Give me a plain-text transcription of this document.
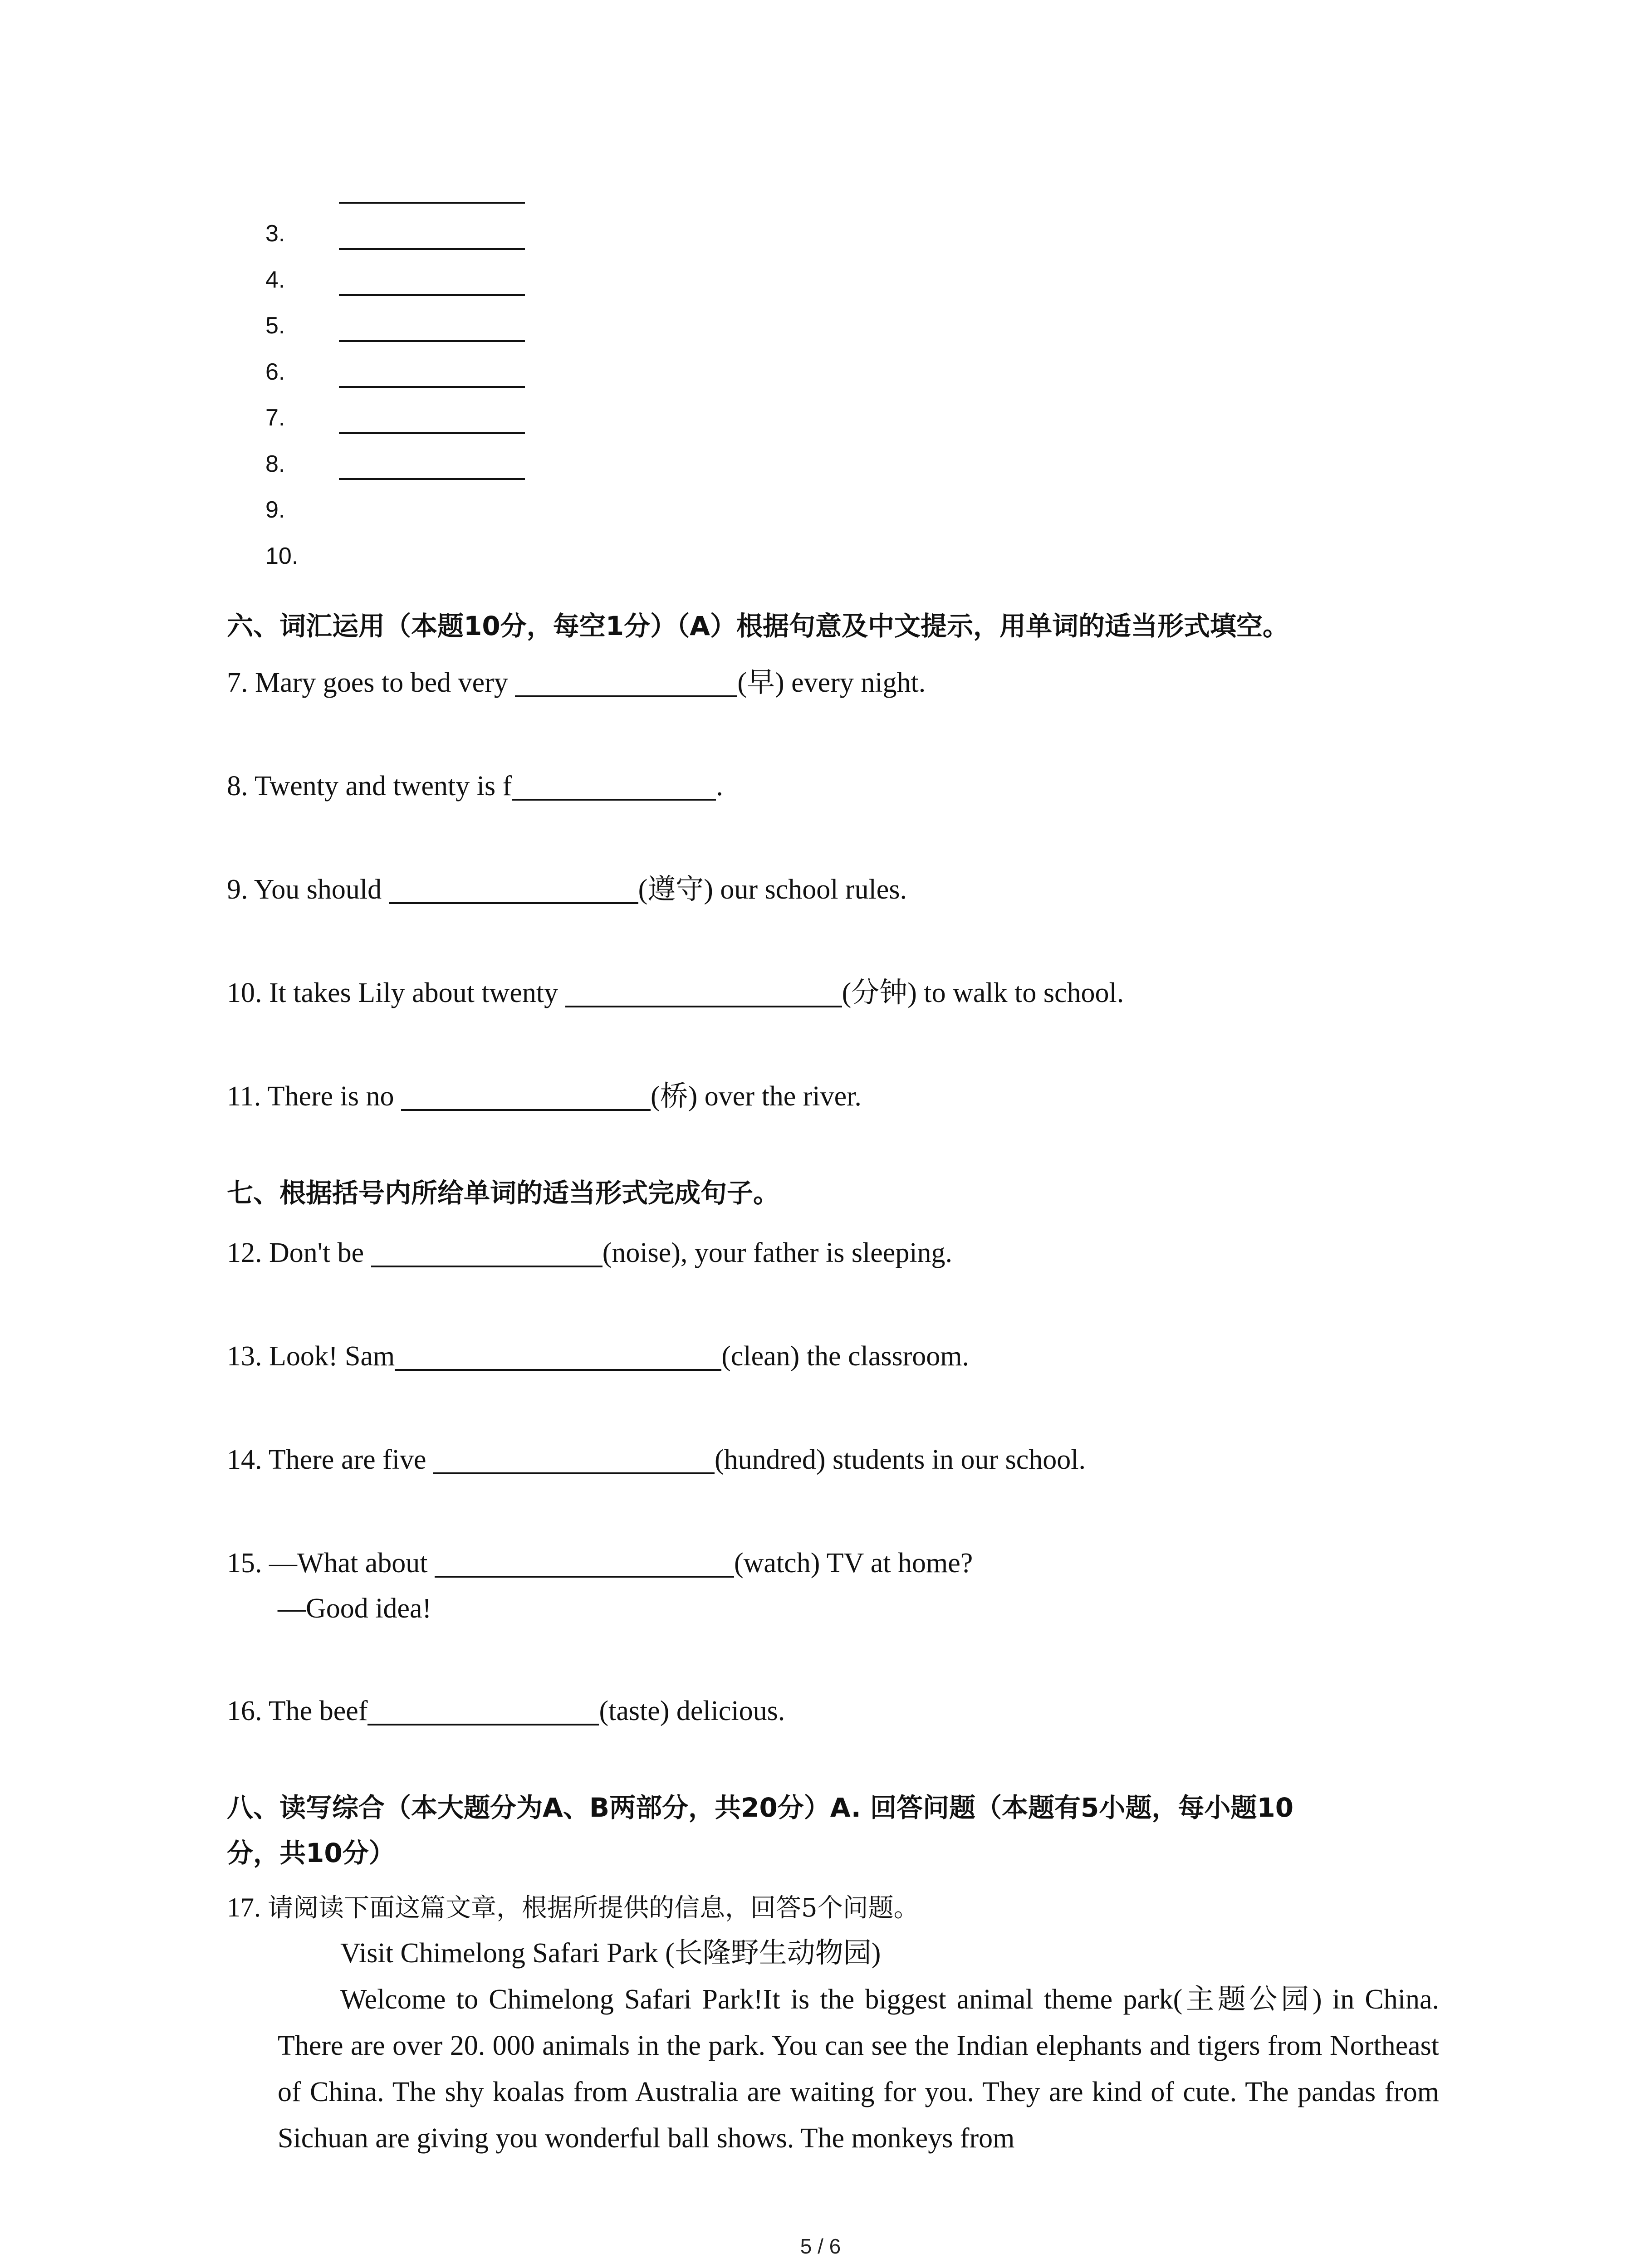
3.
4.
5.
6.
7.
8.
9.
10.
六、词汇运用（本题10分，每空1分）（A）根据句意及中文提示，用单词的适当形式填空。
7. Mary goes to bed very	(早) every night.
8. Twenty and twenty is f	.
9. You should	(遵守) our school rules.
10. It takes Lily about twenty	(分钟) to walk to school.
11. There is no	(桥) over the river.
七、根据括号内所给单词的适当形式完成句子。
12. Don't be	(noise), your father is sleeping.
13. Look! Sam	(clean) the classroom.
14. There are five	(hundred) students in our school.
15. —What about	(watch) TV at home?
—Good idea!
16. The beef	(taste) delicious.
八、读写综合（本大题分为A、B两部分，共20分）A. 回答问题（本题有5小题，每小题10
分，共10分）
17. 请阅读下面这篇文章，根据所提供的信息，回答5个问题。

Visit Chimelong Safari Park (长隆野生动物园)

Welcome to Chimelong Safari Park!It is the biggest animal theme park(主题公园) in China. There are over 20. 000 animals in the park. You can see the Indian elephants and tigers from Northeast of China. The shy koalas from Australia are waiting for you. They are kind of cute. The pandas from Sichuan are giving you wonderful ball shows. The monkeys from

5 / 6
